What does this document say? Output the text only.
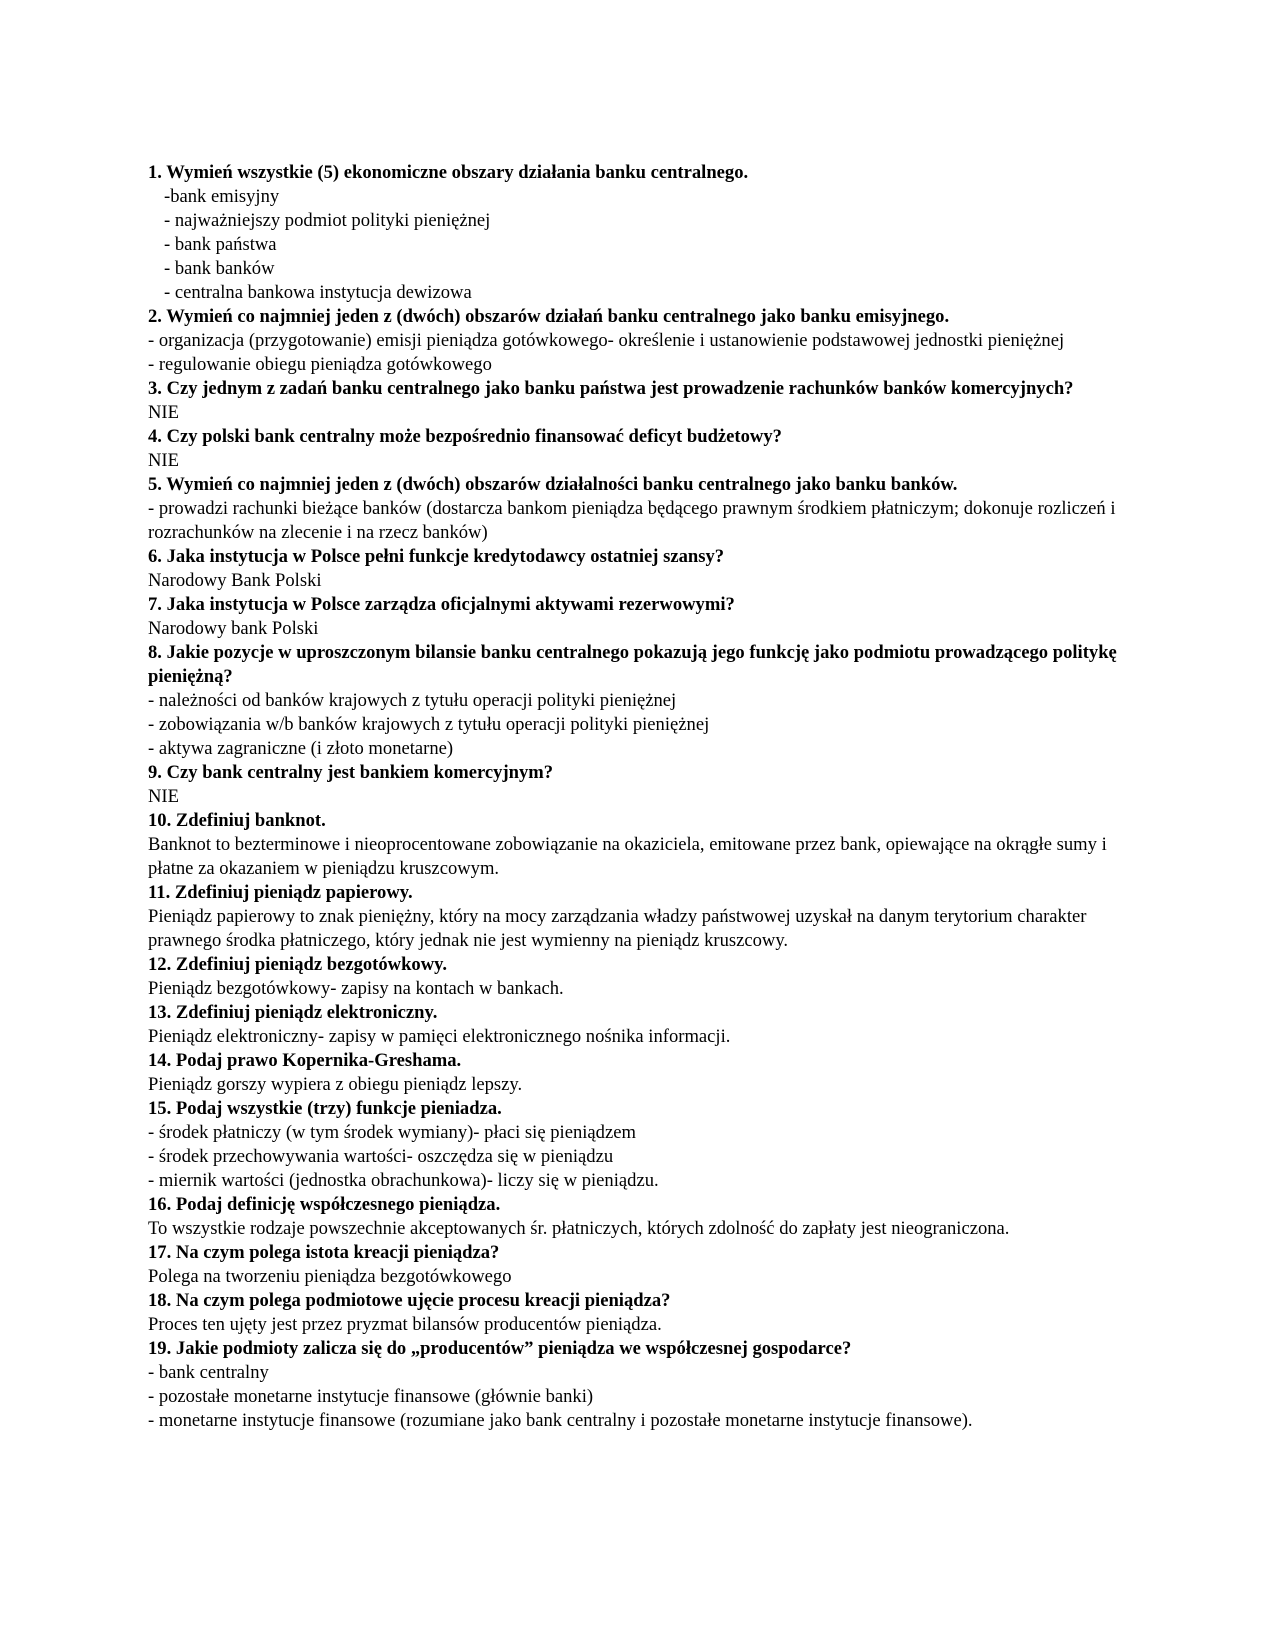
1. Wymień wszystkie (5) ekonomiczne obszary działania banku centralnego.
-bank emisyjny
- najważniejszy podmiot polityki pieniężnej
- bank państwa
- bank banków
- centralna bankowa instytucja dewizowa
2. Wymień co najmniej jeden z (dwóch) obszarów działań banku centralnego jako banku emisyjnego.
- organizacja (przygotowanie) emisji pieniądza gotówkowego- określenie i ustanowienie podstawowej jednostki pieniężnej
- regulowanie obiegu pieniądza gotówkowego
3. Czy jednym z zadań banku centralnego jako banku państwa jest prowadzenie rachunków banków komercyjnych?
NIE
4. Czy polski bank centralny może bezpośrednio finansować deficyt budżetowy?
NIE
5. Wymień co najmniej jeden z (dwóch) obszarów działalności banku centralnego jako banku banków.
- prowadzi rachunki bieżące banków (dostarcza bankom pieniądza będącego prawnym środkiem płatniczym; dokonuje rozliczeń i rozrachunków na zlecenie i na rzecz banków)
6. Jaka instytucja w Polsce pełni funkcje kredytodawcy ostatniej szansy?
Narodowy Bank Polski
7. Jaka instytucja w Polsce zarządza oficjalnymi aktywami rezerwowymi?
Narodowy bank Polski
8. Jakie pozycje w uproszczonym bilansie banku centralnego pokazują jego funkcję jako podmiotu prowadzącego politykę pieniężną?
- należności od banków krajowych z tytułu operacji polityki pieniężnej
- zobowiązania w/b banków krajowych z tytułu operacji polityki pieniężnej
- aktywa zagraniczne (i złoto monetarne)
9. Czy bank centralny jest bankiem komercyjnym?
NIE
10. Zdefiniuj banknot.
Banknot to bezterminowe i nieoprocentowane zobowiązanie na okaziciela, emitowane przez bank, opiewające na okrągłe sumy i płatne za okazaniem w pieniądzu kruszcowym.
11. Zdefiniuj pieniądz papierowy.
Pieniądz papierowy to znak pieniężny, który na mocy zarządzania władzy państwowej uzyskał na danym terytorium charakter prawnego środka płatniczego, który jednak nie jest wymienny na pieniądz kruszcowy.
12. Zdefiniuj pieniądz bezgotówkowy.
Pieniądz bezgotówkowy- zapisy na kontach w bankach.
13. Zdefiniuj pieniądz elektroniczny.
Pieniądz elektroniczny- zapisy w pamięci elektronicznego nośnika informacji.
14. Podaj prawo Kopernika-Greshama.
Pieniądz gorszy wypiera z obiegu pieniądz lepszy.
15. Podaj wszystkie (trzy) funkcje pieniadza.
- środek płatniczy (w tym środek wymiany)- płaci się pieniądzem
- środek przechowywania wartości- oszczędza się w pieniądzu
- miernik wartości (jednostka obrachunkowa)- liczy się w pieniądzu.
16. Podaj definicję współczesnego pieniądza.
To wszystkie rodzaje powszechnie akceptowanych śr. płatniczych, których zdolność do zapłaty jest nieograniczona.
17. Na czym polega istota kreacji pieniądza?
Polega na tworzeniu pieniądza bezgotówkowego
18. Na czym polega podmiotowe ujęcie procesu kreacji pieniądza?
Proces ten ujęty jest przez pryzmat bilansów producentów pieniądza.
19. Jakie podmioty zalicza się do „producentów” pieniądza we współczesnej gospodarce?
- bank centralny
- pozostałe monetarne instytucje finansowe (głównie banki)
- monetarne instytucje finansowe (rozumiane jako bank centralny i pozostałe monetarne instytucje finansowe).
